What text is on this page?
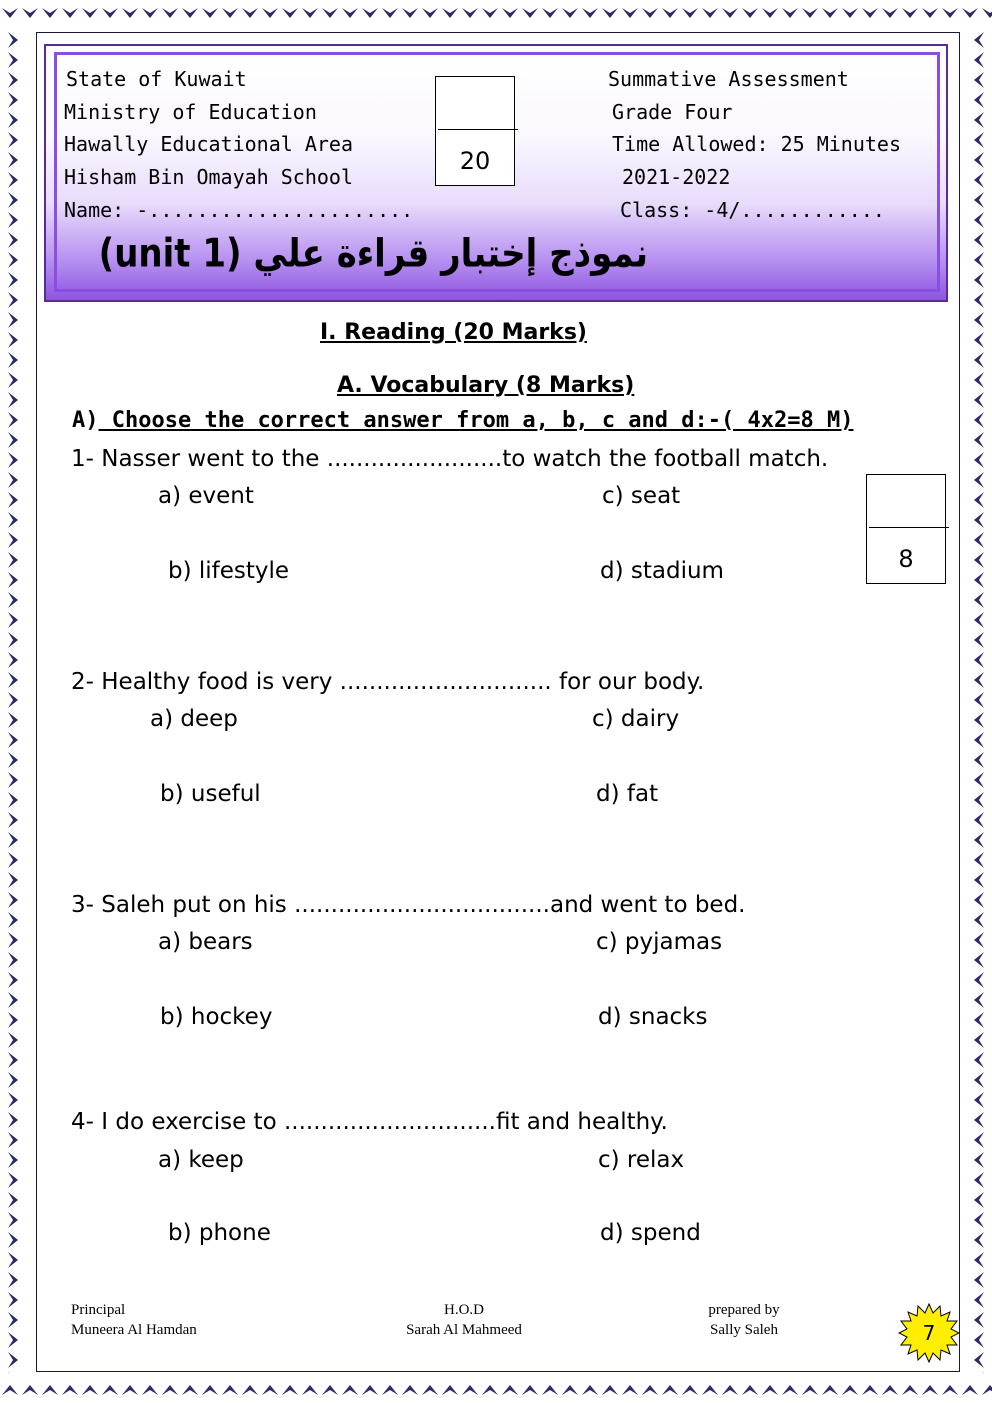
State of Kuwait
Ministry of Education
Hawally Educational Area
Hisham Bin Omayah School
Name: -......................
Summative Assessment
Grade Four
Time Allowed: 25 Minutes
2021-2022
Class: -4/............
20
نموذج إختبار قراءة علي (unit 1)
I. Reading (20 Marks)
A. Vocabulary (8 Marks)
A) Choose the correct answer from a, b, c and d:-( 4x2=8 M)
8
1- Nasser went to the ........................to watch the football match.
a) event	c) seat
b) lifestyle	d) stadium
2- Healthy food is very ............................. for our body.
a) deep	c) dairy
b) useful	d) fat
3- Saleh put on his ...................................and went to bed.
a) bears	c) pyjamas
b) hockey	d) snacks
4- I do exercise to .............................fit and healthy.
a) keep	c) relax
b) phone	d) spend
Principal
Muneera Al Hamdan
H.O.D
Sarah Al Mahmeed
prepared by
Sally Saleh	7
